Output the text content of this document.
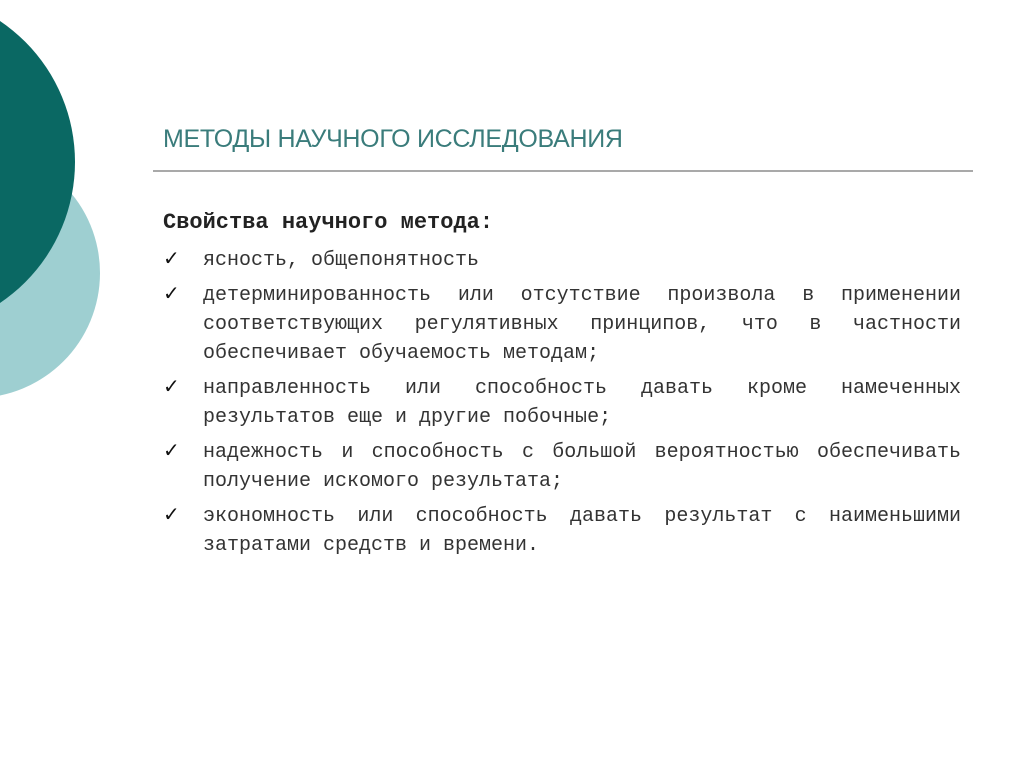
МЕТОДЫ НАУЧНОГО ИССЛЕДОВАНИЯ
Свойства научного метода:
✓ ясность, общепонятность
✓ детерминированность или отсутствие произвола в применении соответствующих регулятивных принципов, что в частности обеспечивает обучаемость методам;
✓ направленность или способность давать кроме намеченных результатов еще и другие побочные;
✓ надежность и способность с большой вероятностью обеспечивать получение искомого результата;
✓ экономность или способность давать результат с наименьшими затратами средств и времени.
